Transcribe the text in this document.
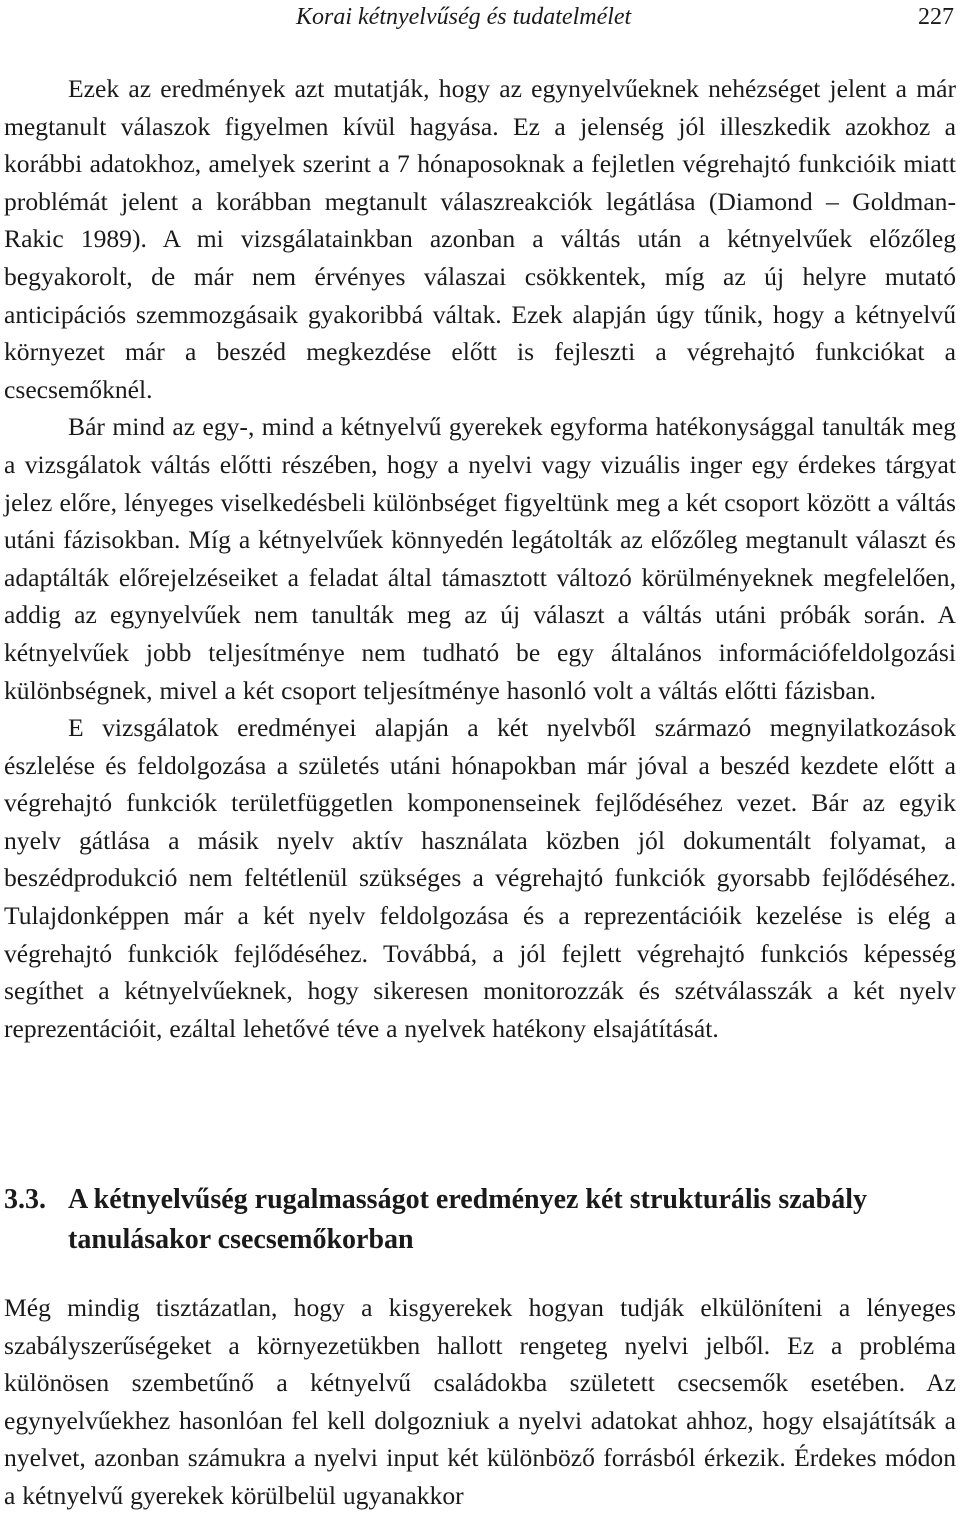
Korai kétnyelvűség és tudatelmélet	227

Ezek az eredmények azt mutatják, hogy az egynyelvűeknek nehézséget jelent a már megtanult válaszok figyelmen kívül hagyása. Ez a jelenség jól illeszkedik azokhoz a korábbi adatokhoz, amelyek szerint a 7 hónaposoknak a fejletlen végrehajtó funkcióik miatt problémát jelent a korábban megtanult válaszreakciók legátlása (Diamond – Goldman-Rakic 1989). A mi vizsgálatainkban azonban a váltás után a kétnyelvűek előzőleg begyakorolt, de már nem érvényes válaszai csökkentek, míg az új helyre mutató anticipációs szemmozgásaik gyakoribbá váltak. Ezek alapján úgy tűnik, hogy a kétnyelvű környezet már a beszéd megkezdése előtt is fejleszti a végrehajtó funkciókat a csecsemőknél.

Bár mind az egy-, mind a kétnyelvű gyerekek egyforma hatékonysággal tanulták meg a vizsgálatok váltás előtti részében, hogy a nyelvi vagy vizuális inger egy érdekes tárgyat jelez előre, lényeges viselkedésbeli különbséget figyeltünk meg a két csoport között a váltás utáni fázisokban. Míg a kétnyelvűek könnyedén legátolták az előzőleg megtanult választ és adaptálták előrejelzéseiket a feladat által támasztott változó körülményeknek megfelelően, addig az egynyelvűek nem tanulták meg az új választ a váltás utáni próbák során. A kétnyelvűek jobb teljesítménye nem tudható be egy általános információfeldolgozási különbségnek, mivel a két csoport teljesítménye hasonló volt a váltás előtti fázisban.

E vizsgálatok eredményei alapján a két nyelvből származó megnyilatkozások észlelése és feldolgozása a születés utáni hónapokban már jóval a beszéd kezdete előtt a végrehajtó funkciók területfüggetlen komponenseinek fejlődéséhez vezet. Bár az egyik nyelv gátlása a másik nyelv aktív használata közben jól dokumentált folyamat, a beszédprodukció nem feltétlenül szükséges a végrehajtó funkciók gyorsabb fejlődéséhez. Tulajdonképpen már a két nyelv feldolgozása és a reprezentációik kezelése is elég a végrehajtó funkciók fejlődéséhez. Továbbá, a jól fejlett végrehajtó funkciós képesség segíthet a kétnyelvűeknek, hogy sikeresen monitorozzák és szétválasszák a két nyelv reprezentációit, ezáltal lehetővé téve a nyelvek hatékony elsajátítását.

3.3. A kétnyelvűség rugalmasságot eredményez két strukturális szabály tanulásakor csecsemőkorban

Még mindig tisztázatlan, hogy a kisgyerekek hogyan tudják elkülöníteni a lényeges szabályszerűségeket a környezetükben hallott rengeteg nyelvi jelből. Ez a probléma különösen szembetűnő a kétnyelvű családokba született csecsemők esetében. Az egynyelvűekhez hasonlóan fel kell dolgozniuk a nyelvi adatokat ahhoz, hogy elsajátítsák a nyelvet, azonban számukra a nyelvi input két különböző forrásból érkezik. Érdekes módon a kétnyelvű gyerekek körülbelül ugyanakkor
